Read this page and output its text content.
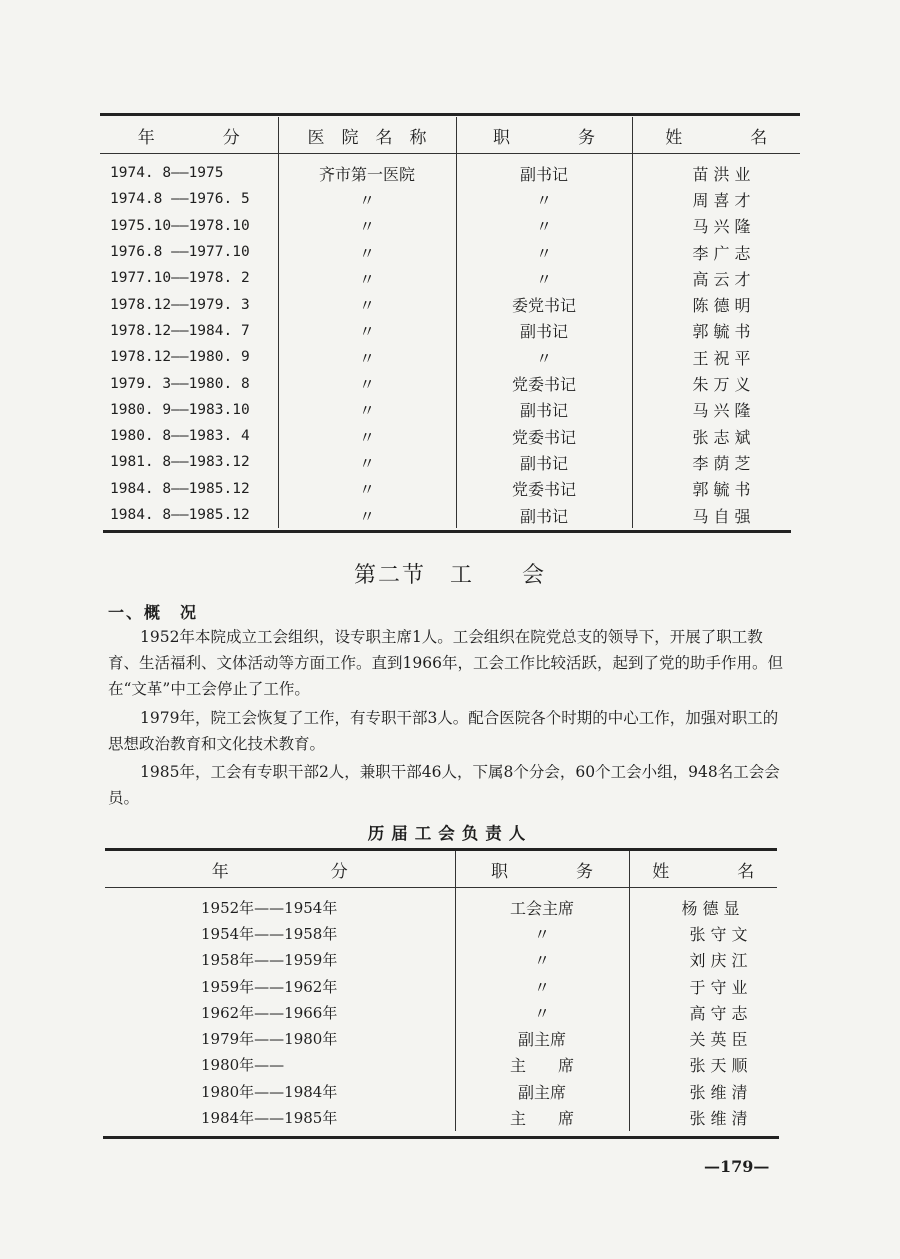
年　　　　分	医　院　名　称	职　　　　务	姓　　　　名

1974. 8——1975	齐市第一医院	副书记	苗洪业
1974.8 ——1976. 5	〃	〃	周喜才
1975.10——1978.10	〃	〃	马兴隆
1976.8 ——1977.10	〃	〃	李广志
1977.10——1978. 2	〃	〃	高云才
1978.12——1979. 3	〃	委党书记	陈德明
1978.12——1984. 7	〃	副书记	郭毓书
1978.12——1980. 9	〃	〃	王祝平
1979. 3——1980. 8	〃	党委书记	朱万义
1980. 9——1983.10	〃	副书记	马兴隆
1980. 8——1983. 4	〃	党委书记	张志斌
1981. 8——1983.12	〃	副书记	李荫芝
1984. 8——1985.12	〃	党委书记	郭毓书
1984. 8——1985.12	〃	副书记	马自强
第二节　工　　会
一、概　况
1952年本院成立工会组织，设专职主席1人。工会组织在院党总支的领导下，开展了职工教育、生活福利、文体活动等方面工作。直到1966年，工会工作比较活跃，起到了党的助手作用。但在“文革”中工会停止了工作。
1979年，院工会恢复了工作，有专职干部3人。配合医院各个时期的中心工作，加强对职工的思想政治教育和文化技术教育。
1985年，工会有专职干部2人，兼职干部46人，下属8个分会，60个工会小组，948名工会会员。
历届工会负责人
年　　　　　　分	职　　　　务	姓　　　　名

1952年——1954年	工会主席	杨德显
1954年——1958年	〃	张守文
1958年——1959年	〃	刘庆江
1959年——1962年	〃	于守业
1962年——1966年	〃	高守志
1979年——1980年	副主席	关英臣
1980年——	主　　席	张天顺
1980年——1984年	副主席	张维清
1984年——1985年	主　　席	张维清
—179—
